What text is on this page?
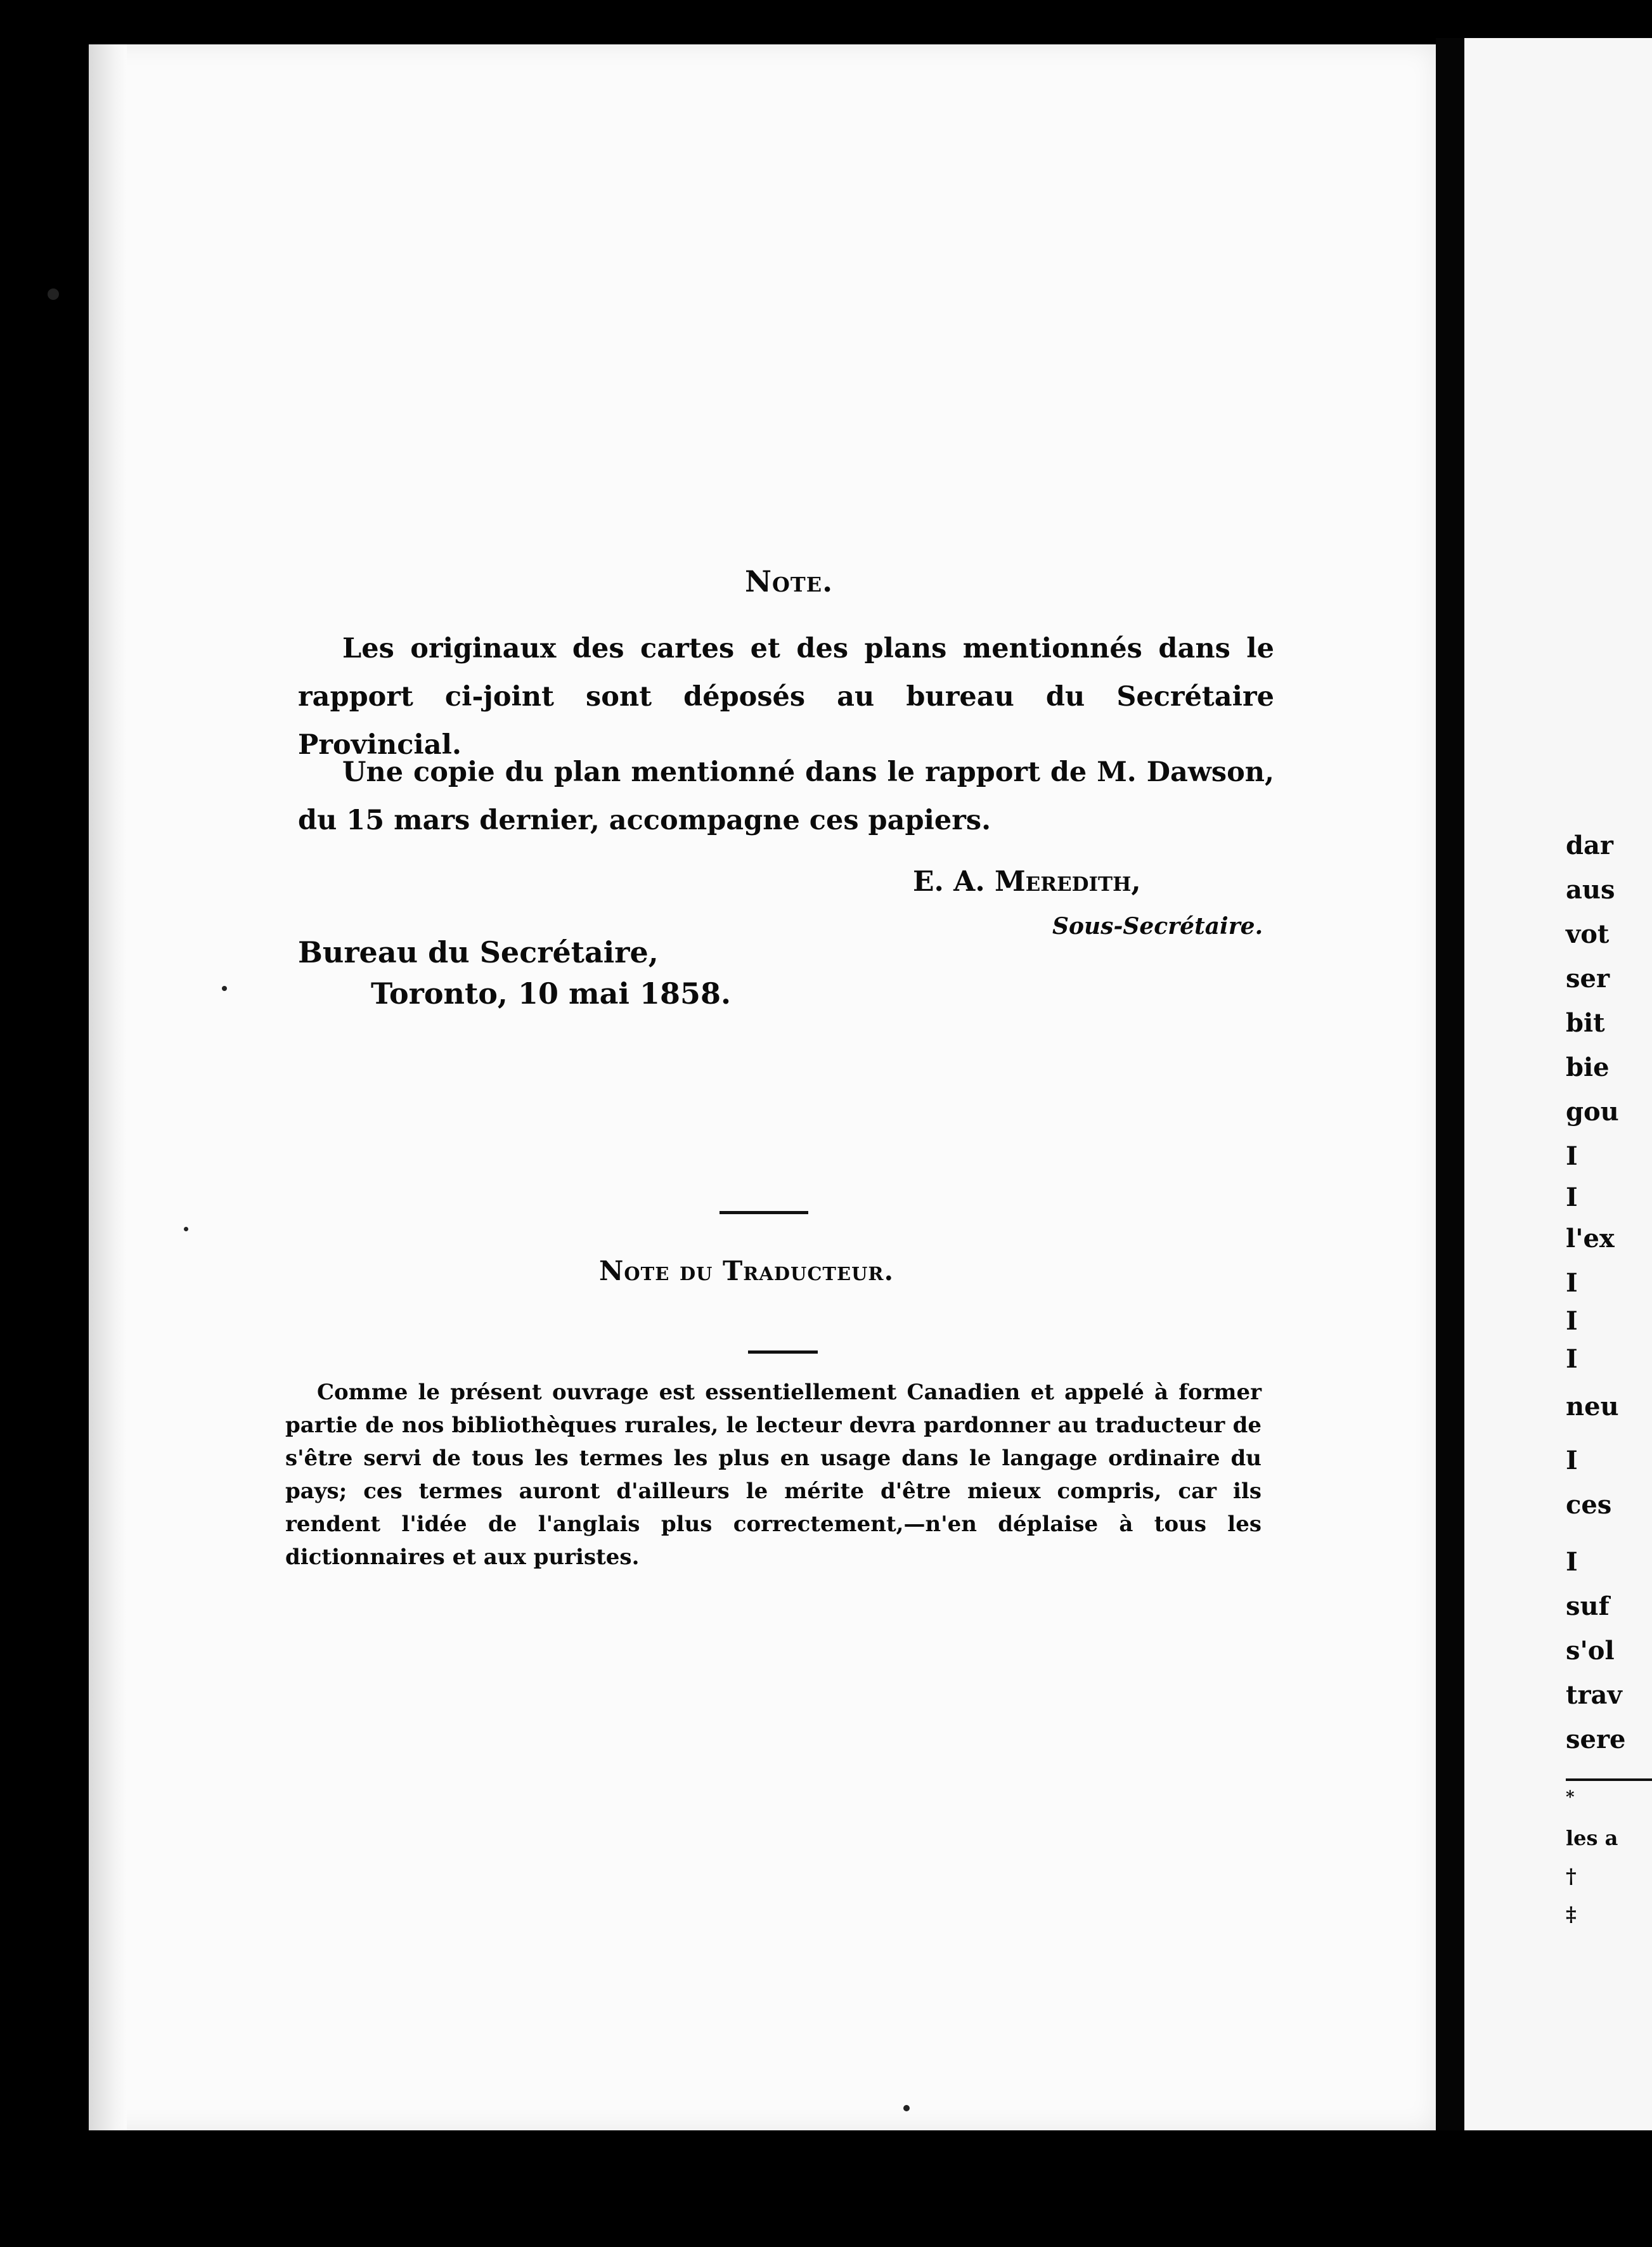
dar
aus
vot
ser
bit
bie
gou
I
I
l'ex
I
I
I
neu
I
ces
I
suf
s'ol
trav
sere
*
les a
†
‡
Note.

Les originaux des cartes et des plans mentionnés dans le rapport ci-joint sont déposés au bureau du Secrétaire Provincial.

Une copie du plan mentionné dans le rapport de M. Dawson, du 15 mars dernier, accompagne ces papiers.

E. A. Meredith,
Sous-Secrétaire.
Bureau du Secrétaire,
Toronto, 10 mai 1858.
Note du Traducteur.

Comme le présent ouvrage est essentiellement Canadien et appelé à former partie de nos bibliothèques rurales, le lecteur devra pardonner au traducteur de s'être servi de tous les termes les plus en usage dans le langage ordinaire du pays; ces termes auront d'ailleurs le mérite d'être mieux compris, car ils rendent l'idée de l'anglais plus correctement,—n'en déplaise à tous les dictionnaires et aux puristes.
